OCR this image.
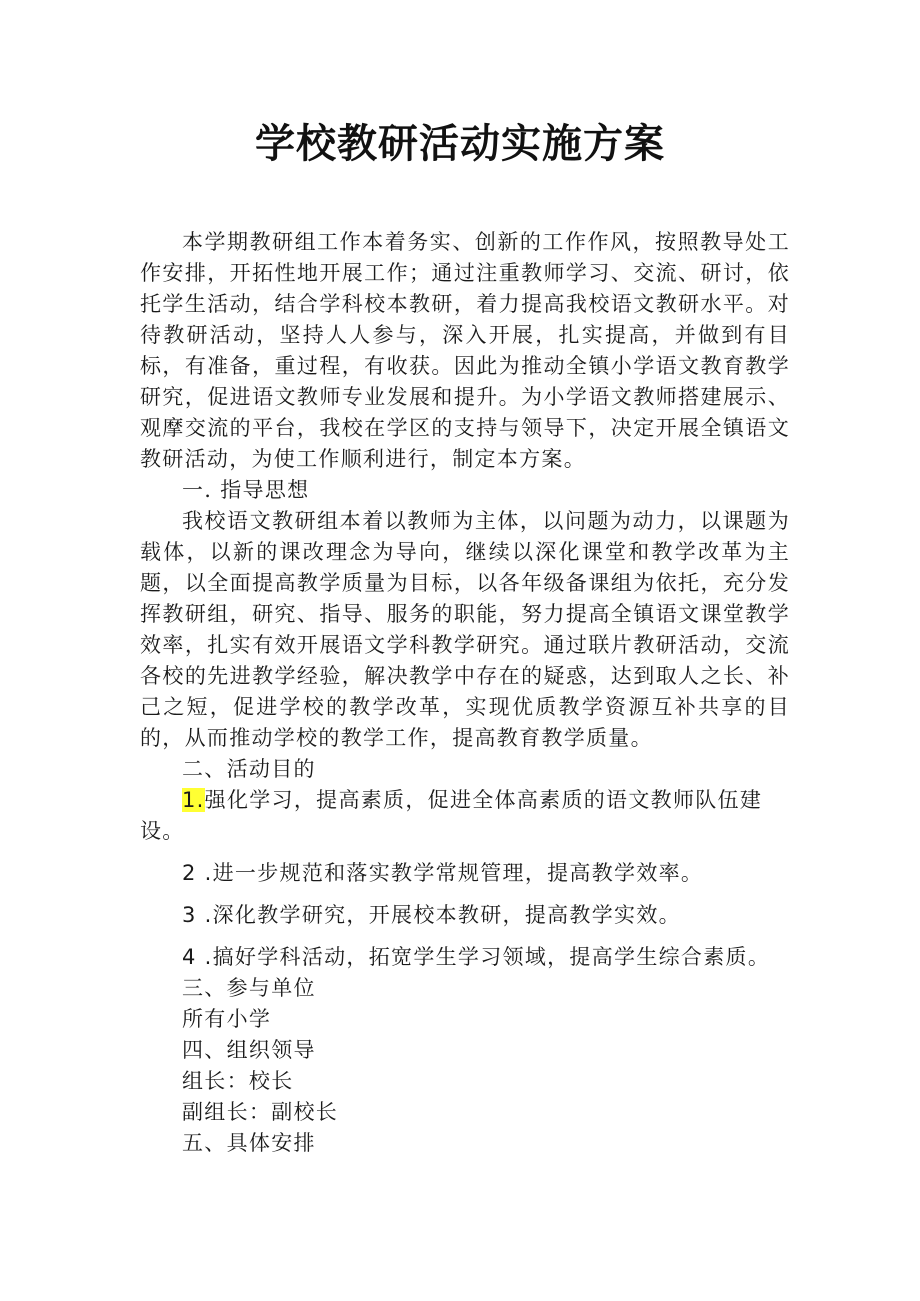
学校教研活动实施方案

本学期教研组工作本着务实、创新的工作作风，按照教导处工作安排，开拓性地开展工作；通过注重教师学习、交流、研讨，依托学生活动，结合学科校本教研，着力提高我校语文教研水平。对待教研活动，坚持人人参与，深入开展，扎实提高，并做到有目标，有准备，重过程，有收获。因此为推动全镇小学语文教育教学研究，促进语文教师专业发展和提升。为小学语文教师搭建展示、观摩交流的平台，我校在学区的支持与领导下，决定开展全镇语文教研活动，为使工作顺利进行，制定本方案。

一. 指导思想

我校语文教研组本着以教师为主体，以问题为动力，以课题为载体，以新的课改理念为导向，继续以深化课堂和教学改革为主题，以全面提高教学质量为目标，以各年级备课组为依托，充分发挥教研组，研究、指导、服务的职能，努力提高全镇语文课堂教学效率，扎实有效开展语文学科教学研究。通过联片教研活动，交流各校的先进教学经验，解决教学中存在的疑惑，达到取人之长、补己之短，促进学校的教学改革，实现优质教学资源互补共享的目的，从而推动学校的教学工作，提高教育教学质量。

二、活动目的

1.强化学习，提高素质，促进全体高素质的语文教师队伍建设。

2 .进一步规范和落实教学常规管理，提高教学效率。

3 .深化教学研究，开展校本教研，提高教学实效。

4 .搞好学科活动，拓宽学生学习领域，提高学生综合素质。

三、参与单位

所有小学

四、组织领导

组长：校长

副组长：副校长

五、具体安排
